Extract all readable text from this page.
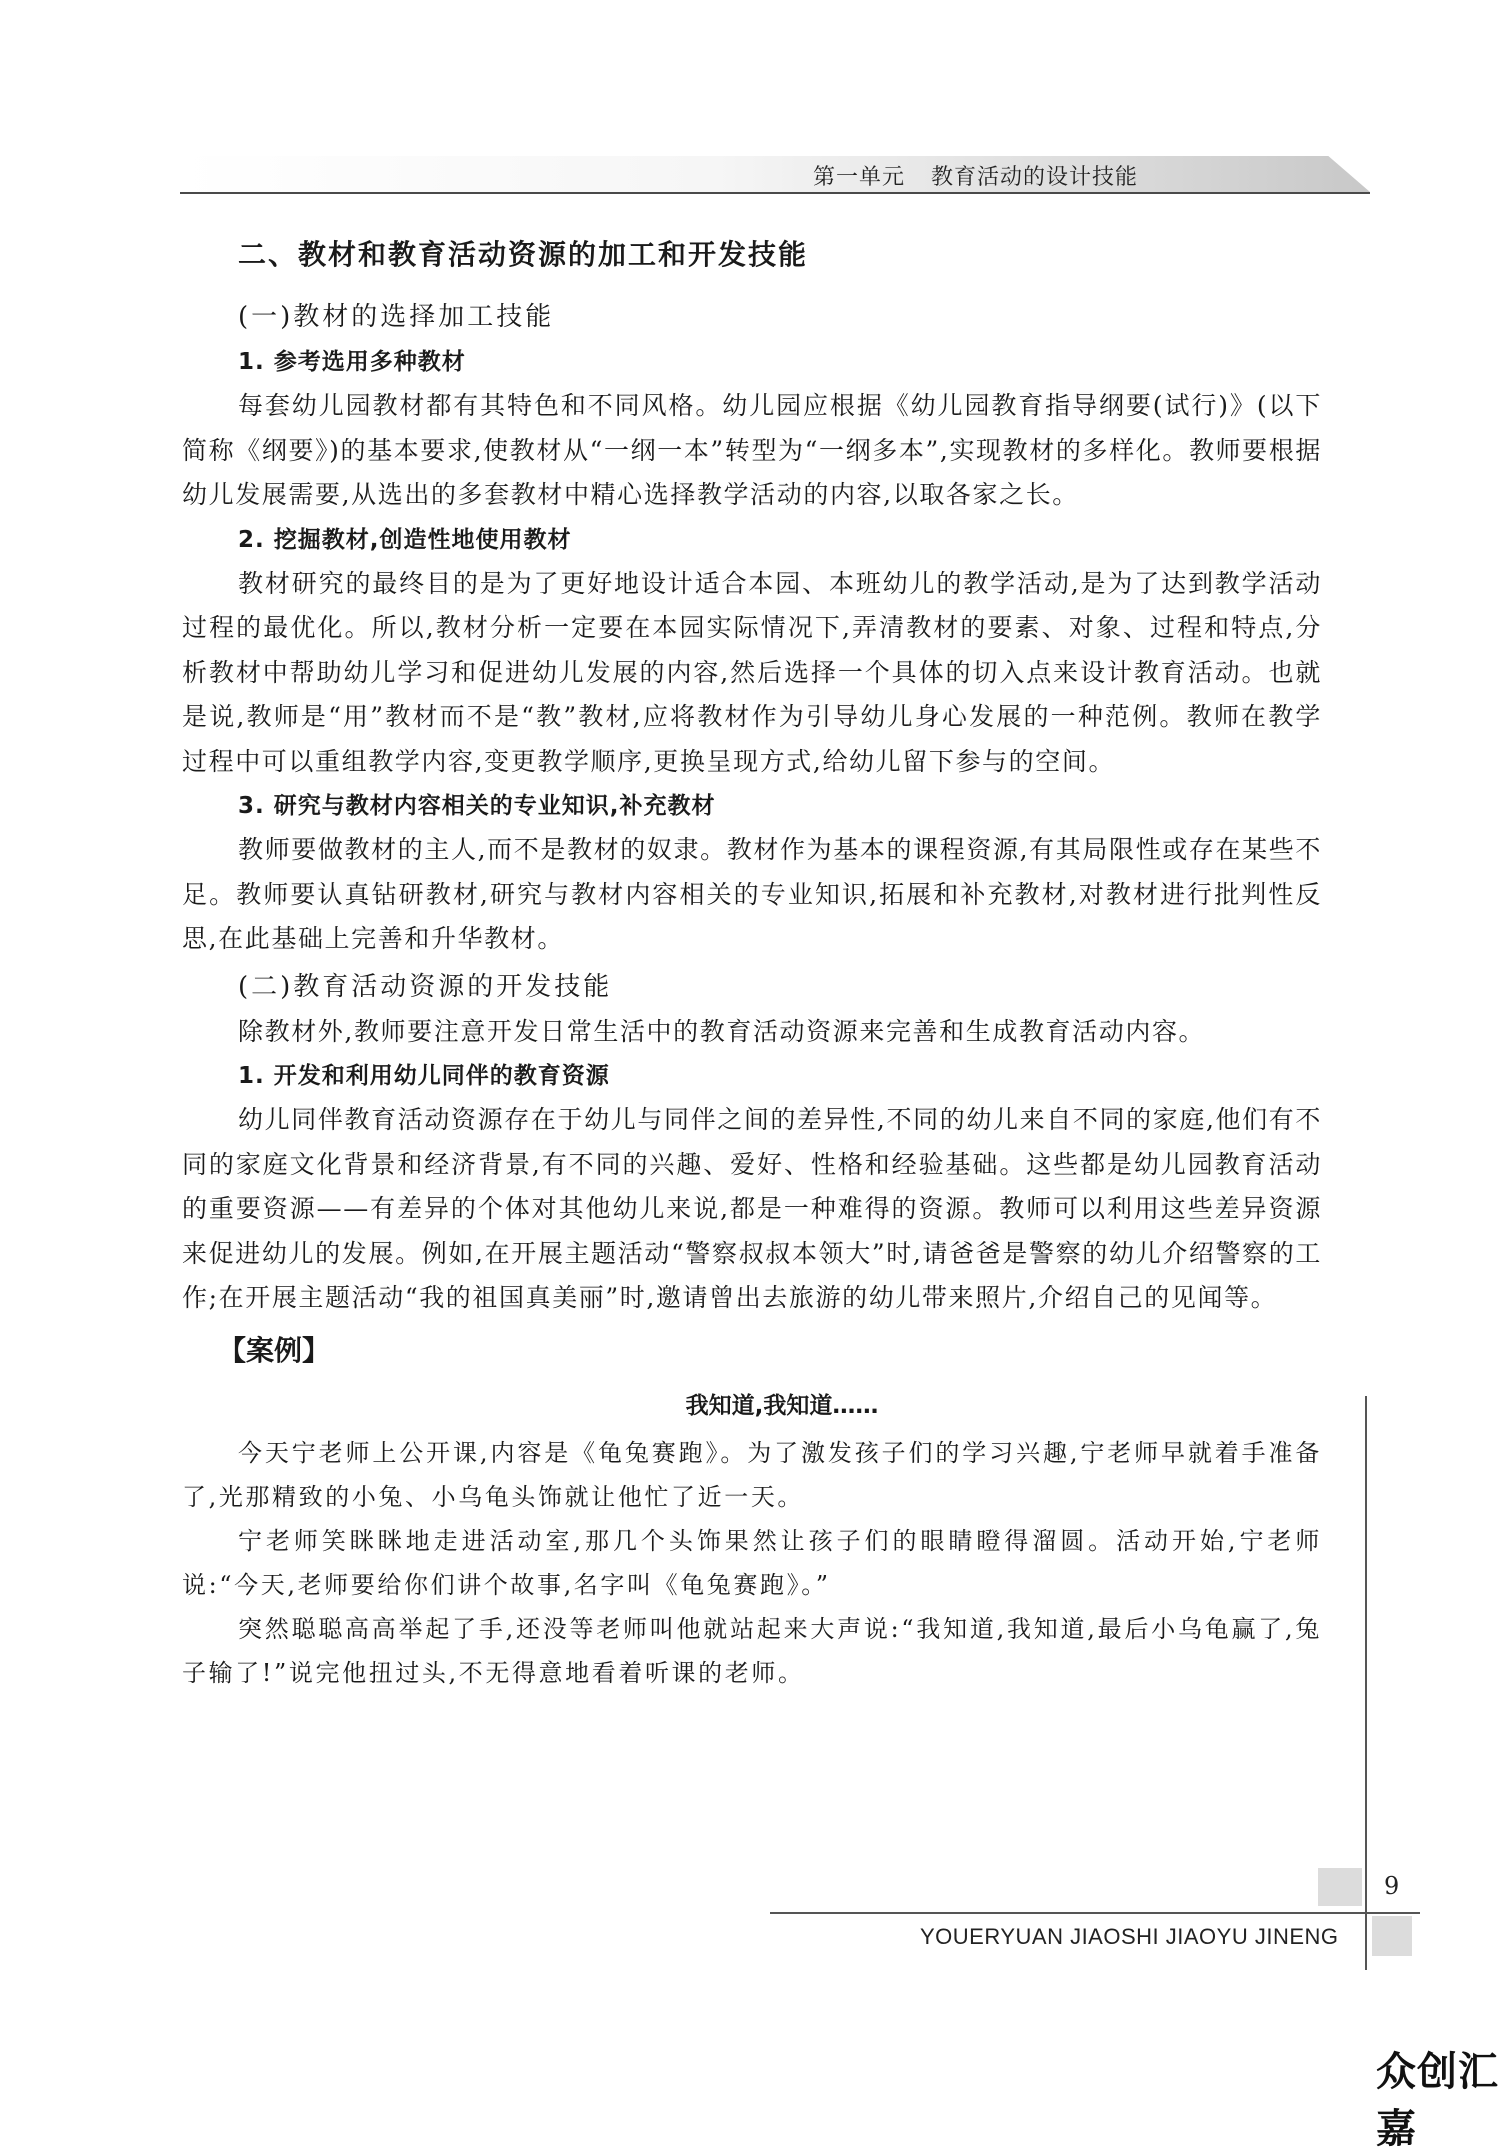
第一单元 教育活动的设计技能

二、教材和教育活动资源的加工和开发技能

(一)教材的选择加工技能

1. 参考选用多种教材

每套幼儿园教材都有其特色和不同风格。幼儿园应根据《幼儿园教育指导纲要(试行)》(以下简称《纲要》)的基本要求,使教材从“一纲一本”转型为“一纲多本”,实现教材的多样化。教师要根据幼儿发展需要,从选出的多套教材中精心选择教学活动的内容,以取各家之长。

2. 挖掘教材,创造性地使用教材

教材研究的最终目的是为了更好地设计适合本园、本班幼儿的教学活动,是为了达到教学活动过程的最优化。所以,教材分析一定要在本园实际情况下,弄清教材的要素、对象、过程和特点,分析教材中帮助幼儿学习和促进幼儿发展的内容,然后选择一个具体的切入点来设计教育活动。也就是说,教师是“用”教材而不是“教”教材,应将教材作为引导幼儿身心发展的一种范例。教师在教学过程中可以重组教学内容,变更教学顺序,更换呈现方式,给幼儿留下参与的空间。

3. 研究与教材内容相关的专业知识,补充教材

教师要做教材的主人,而不是教材的奴隶。教材作为基本的课程资源,有其局限性或存在某些不足。教师要认真钻研教材,研究与教材内容相关的专业知识,拓展和补充教材,对教材进行批判性反思,在此基础上完善和升华教材。

(二)教育活动资源的开发技能

除教材外,教师要注意开发日常生活中的教育活动资源来完善和生成教育活动内容。

1. 开发和利用幼儿同伴的教育资源

幼儿同伴教育活动资源存在于幼儿与同伴之间的差异性,不同的幼儿来自不同的家庭,他们有不同的家庭文化背景和经济背景,有不同的兴趣、爱好、性格和经验基础。这些都是幼儿园教育活动的重要资源——有差异的个体对其他幼儿来说,都是一种难得的资源。教师可以利用这些差异资源来促进幼儿的发展。例如,在开展主题活动“警察叔叔本领大”时,请爸爸是警察的幼儿介绍警察的工作;在开展主题活动“我的祖国真美丽”时,邀请曾出去旅游的幼儿带来照片,介绍自己的见闻等。

【案例】

我知道,我知道……

今天宁老师上公开课,内容是《龟兔赛跑》。为了激发孩子们的学习兴趣,宁老师早就着手准备了,光那精致的小兔、小乌龟头饰就让他忙了近一天。

宁老师笑眯眯地走进活动室,那几个头饰果然让孩子们的眼睛瞪得溜圆。活动开始,宁老师说:“今天,老师要给你们讲个故事,名字叫《龟兔赛跑》。”

突然聪聪高高举起了手,还没等老师叫他就站起来大声说:“我知道,我知道,最后小乌龟赢了,兔子输了!”说完他扭过头,不无得意地看着听课的老师。

9
YOUERYUAN JIAOSHI JIAOYU JINENG
众创汇嘉
